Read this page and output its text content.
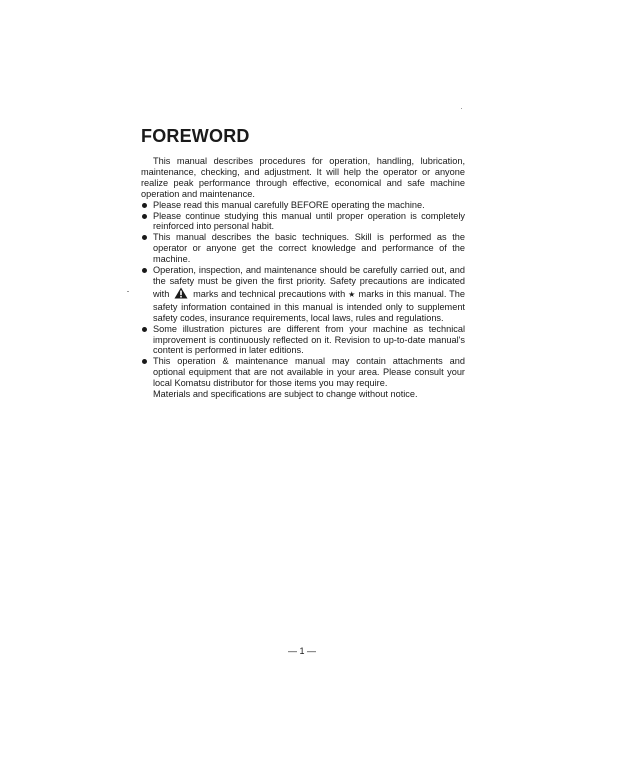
FOREWORD

This manual describes procedures for operation, handling, lubrication, maintenance, checking, and adjustment. It will help the operator or anyone realize peak performance through effective, economical and safe machine operation and maintenance.

Please read this manual carefully BEFORE operating the machine.
Please continue studying this manual until proper operation is completely reinforced into personal habit.
This manual describes the basic techniques. Skill is performed as the operator or anyone get the correct knowledge and performance of the machine.
Operation, inspection, and maintenance should be carefully carried out, and the safety must be given the first priority. Safety precautions are indicated with	marks and technical precautions with ★ marks in this manual. The safety information contained in this manual is intended only to supplement safety codes, insurance requirements, local laws, rules and regulations.
Some illustration pictures are different from your machine as technical improvement is continuously reflected on it. Revision to up-to-date manual's content is performed in later editions.
This operation & maintenance manual may contain attachments and optional equipment that are not available in your area. Please consult your local Komatsu distributor for those items you may require.

Materials and specifications are subject to change without notice.

— 1 —
